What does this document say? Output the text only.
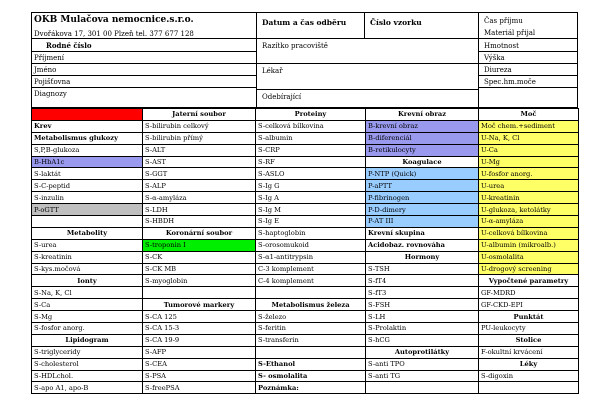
OKB Mulačova nemocnice.s.r.o.
Dvořákova 17, 301 00 Plzeň tel. 377 677 128
Datum a čas odběru	Číslo vzorku	Čas příjmu
Materiál přijal
Rodné číslo
Příjmení
Jméno
Pojišťovna
Diagnozy
Razítko pracoviště
Lékař
Odebírající
Hmotnost
Výška
Diureza
Spec.hm.moče
S T A T I M	Jaterní soubor	Proteiny	Krevní obraz	Moč
Krev	S-bilirubin celkový	S-celková bílkovina	B-krevní obraz	Moč chem.+sediment
Metabolismus glukozy	S-bilirubin přímý	S-albumin	B-diferenciál	U-Na, K, Cl
S,P,B-glukoza	S-ALT	S-CRP	B-retikulocyty	U-Ca
B-HbA1c	S-AST	S-RF	Koagulace	U-Mg
S-laktát	S-GGT	S-ASLO	P-NTP (Quick)	U-fosfor anorg.
S-C-peptid	S-ALP	S-Ig G	P-aPTT	U-urea
S-inzulin	S-α-amyláza	S-Ig A	P-fibrinogen	U-kreatinin
P-oGTT	S-LDH	S-Ig M	P-D-dimery	U-glukoza, ketolátky
	S-HBDH	S-Ig E	P-AT III	U-α-amyláza
Metabolity	Koronární soubor	S-haptoglobin	Krevní skupina	U-celková bílkovina
S-urea	S-troponin I	S-orosomukoid	Acidobaz. rovnováha	U-albumin (mikroalb.)
S-kreatinin	S-CK	S-α1-antitrypsin	Hormony	U-osmolalita
S-kys.močová	S-CK MB	C-3 komplement	S-TSH	U-drogový screening
Ionty	S-myoglobin	C-4 komplement	S-fT4	Vypočtené parametry
S-Na, K, Cl			S-fT3	GF-MDRD
S-Ca	Tumorové markery	Metabolismus železa	S-FSH	GF-CKD-EPI
S-Mg	S-CA 125	S-železo	S-LH	Punktát
S-fosfor anorg.	S-CA 15-3	S-feritin	S-Prolaktin	PU-leukocyty
Lipidogram	S-CA 19-9	S-transferin	S-hCG	Stolice
S-triglyceridy	S-AFP		Autoprotilátky	F-okultní krvácení
S-cholesterol	S-CEA	S-Ethanol	S-anti TPO	Léky
S-HDLchol.	S-PSA	S- osmolalita	S-anti TG	S-digoxin
S-apo A1, apo-B	S-freePSA	Poznámka:		
